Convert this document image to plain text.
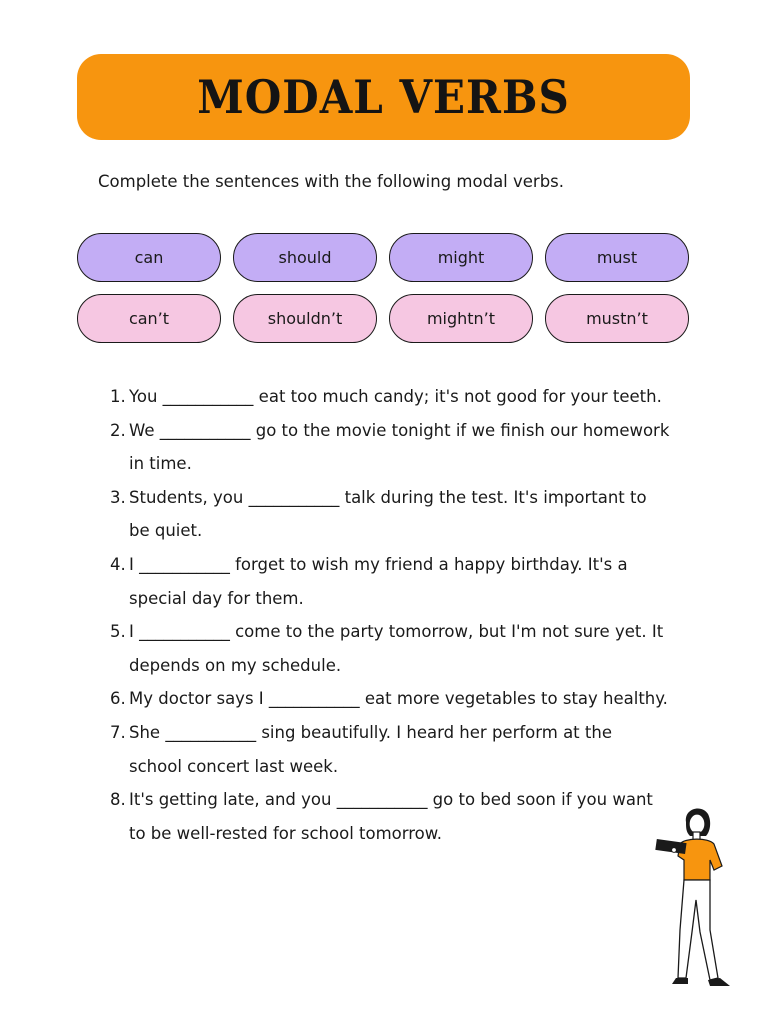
MODAL VERBS
Complete the sentences with the following modal verbs.
can	should	might	must
can’t	shouldn’t	mightn’t	mustn’t
1. You ___________ eat too much candy; it's not good for your teeth.
2. We ___________ go to the movie tonight if we finish our homework in time.
3. Students, you ___________ talk during the test. It's important to be quiet.
4. I ___________ forget to wish my friend a happy birthday. It's a special day for them.
5. I ___________ come to the party tomorrow, but I'm not sure yet. It depends on my schedule.
6. My doctor says I ___________ eat more vegetables to stay healthy.
7. She ___________ sing beautifully. I heard her perform at the school concert last week.
8. It's getting late, and you ___________ go to bed soon if you want to be well-rested for school tomorrow.
